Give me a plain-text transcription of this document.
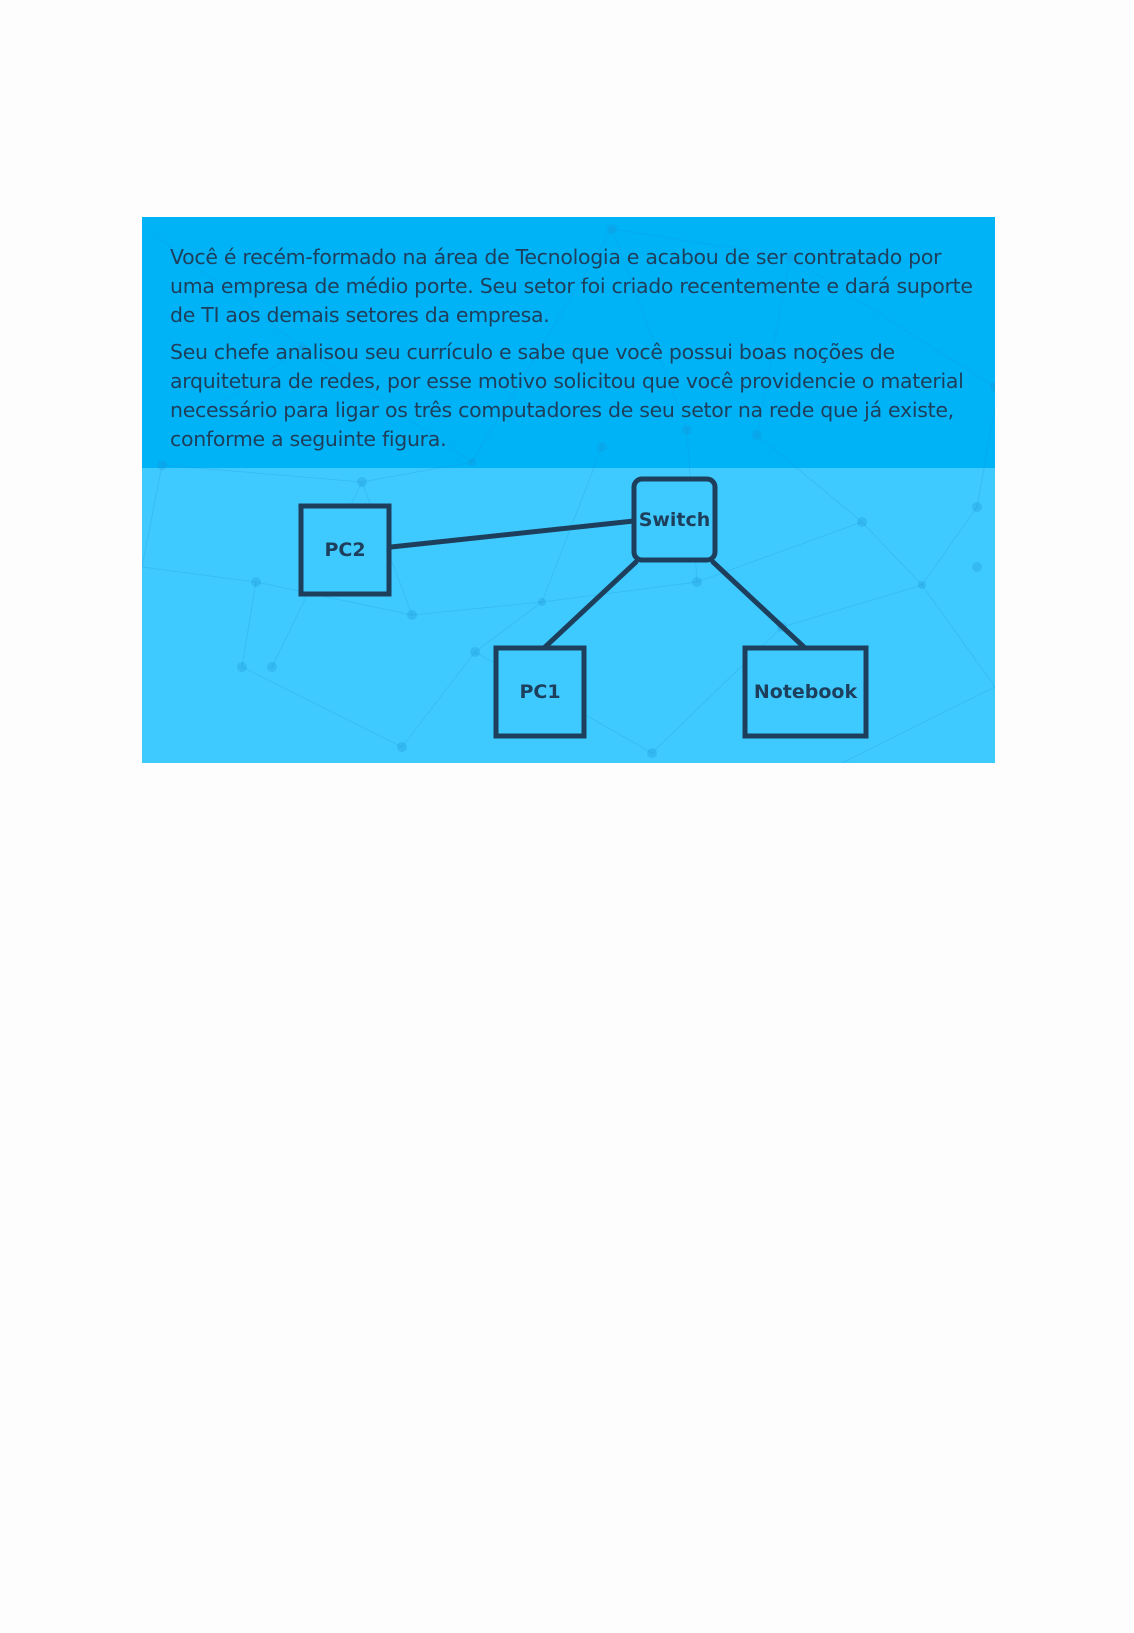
Você é recém-formado na área de Tecnologia e acabou de ser contratado por uma empresa de médio porte. Seu setor foi criado recentemente e dará suporte de TI aos demais setores da empresa.

Seu chefe analisou seu currículo e sabe que você possui boas noções de arquitetura de redes, por esse motivo solicitou que você providencie o material necessário para ligar os três computadores de seu setor na rede que já existe, conforme a seguinte figura.

Switch
PC2
PC1	Notebook
